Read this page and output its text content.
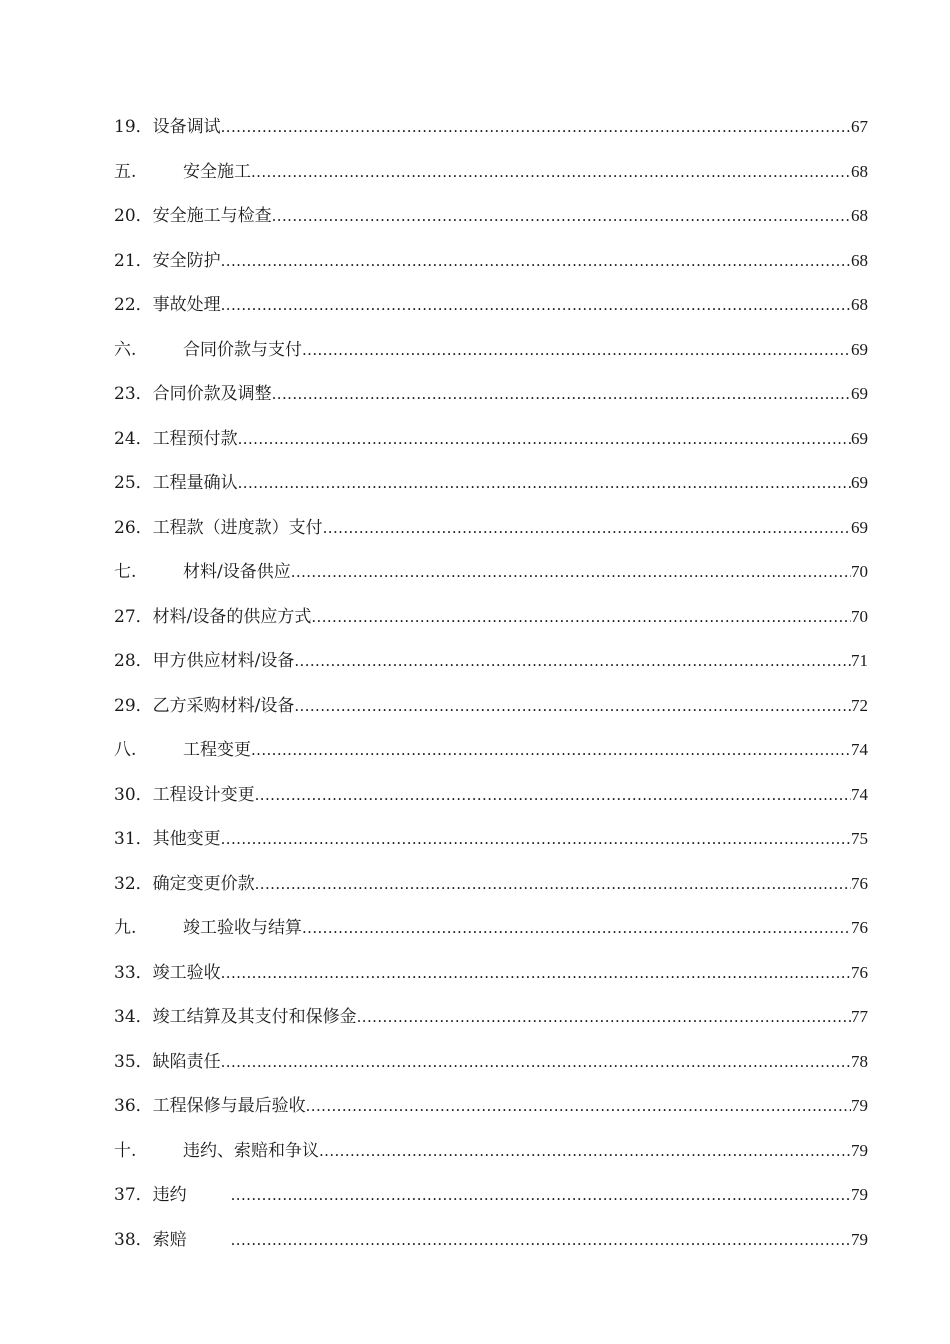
19． 设备调试 .....	67
五.	安全施工 .....	68
20． 安全施工与检查 .....	68
21． 安全防护 .....	68
22． 事故处理 .....	68
六.	合同价款与支付 .....	69
23． 合同价款及调整 .....	69
24． 工程预付款 .....	69
25． 工程量确认 .....	69
26． 工程款（进度款）支付 .....	69
七.	材料/设备供应 .....	70
27． 材料/设备的供应方式 .....	70
28． 甲方供应材料/设备 .....	71
29． 乙方采购材料/设备 .....	72
八.	工程变更 .....	74
30． 工程设计变更 .....	74
31． 其他变更 .....	75
32． 确定变更价款 .....	76
九.	竣工验收与结算 .....	76
33． 竣工验收 .....	76
34． 竣工结算及其支付和保修金 .....	77
35． 缺陷责任 .....	78
36． 工程保修与最后验收 .....	79
十.	违约、索赔和争议 .....	79
37． 违约 .....	79
38． 索赔 .....	79
